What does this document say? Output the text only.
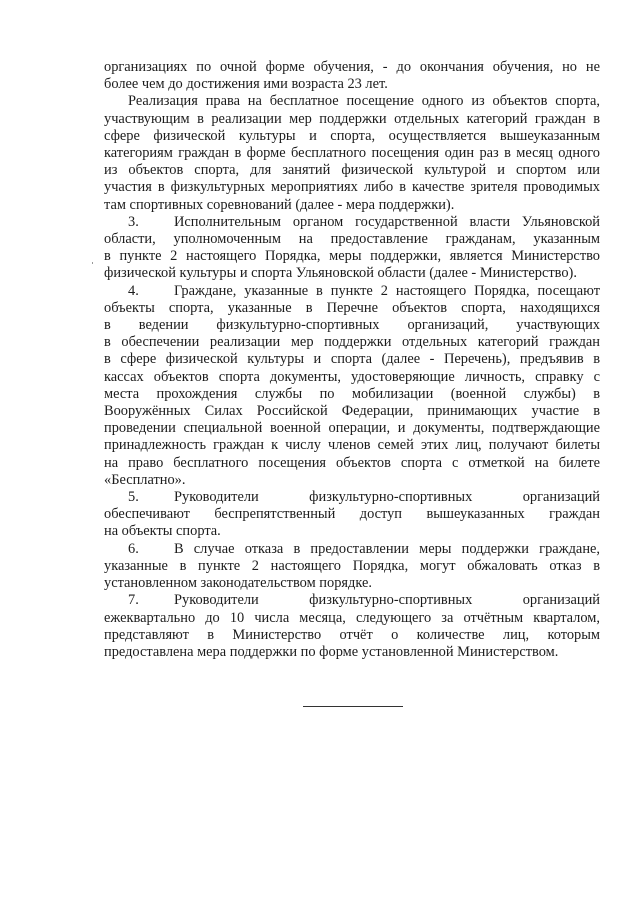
организациях по очной форме обучения, - до окончания обучения, но не
более чем до достижения ими возраста 23 лет.
Реализация права на бесплатное посещение одного из объектов спорта,
участвующим в реализации мер поддержки отдельных категорий граждан в
сфере физической культуры и спорта, осуществляется вышеуказанным
категориям граждан в форме бесплатного посещения один раз в месяц одного
из объектов спорта, для занятий физической культурой и спортом или
участия в физкультурных мероприятиях либо в качестве зрителя проводимых
там спортивных соревнований (далее - мера поддержки).
3. Исполнительным органом государственной власти Ульяновской
области, уполномоченным на предоставление гражданам, указанным
в пункте 2 настоящего Порядка, меры поддержки, является Министерство
физической культуры и спорта Ульяновской области (далее - Министерство).
4. Граждане, указанные в пункте 2 настоящего Порядка, посещают
объекты спорта, указанные в Перечне объектов спорта, находящихся
в ведении физкультурно-спортивных организаций, участвующих
в обеспечении реализации мер поддержки отдельных категорий граждан
в сфере физической культуры и спорта (далее - Перечень), предъявив в
кассах объектов спорта документы, удостоверяющие личность, справку с
места прохождения службы по мобилизации (военной службы) в
Вооружённых Силах Российской Федерации, принимающих участие в
проведении специальной военной операции, и документы, подтверждающие
принадлежность граждан к числу членов семей этих лиц, получают билеты
на право бесплатного посещения объектов спорта с отметкой на билете
«Бесплатно».
5. Руководители физкультурно-спортивных организаций
обеспечивают беспрепятственный доступ вышеуказанных граждан
на объекты спорта.
6. В случае отказа в предоставлении меры поддержки граждане,
указанные в пункте 2 настоящего Порядка, могут обжаловать отказ в
установленном законодательством порядке.
7. Руководители физкультурно-спортивных организаций
ежеквартально до 10 числа месяца, следующего за отчётным кварталом,
представляют в Министерство отчёт о количестве лиц, которым
предоставлена мера поддержки по форме установленной Министерством.
